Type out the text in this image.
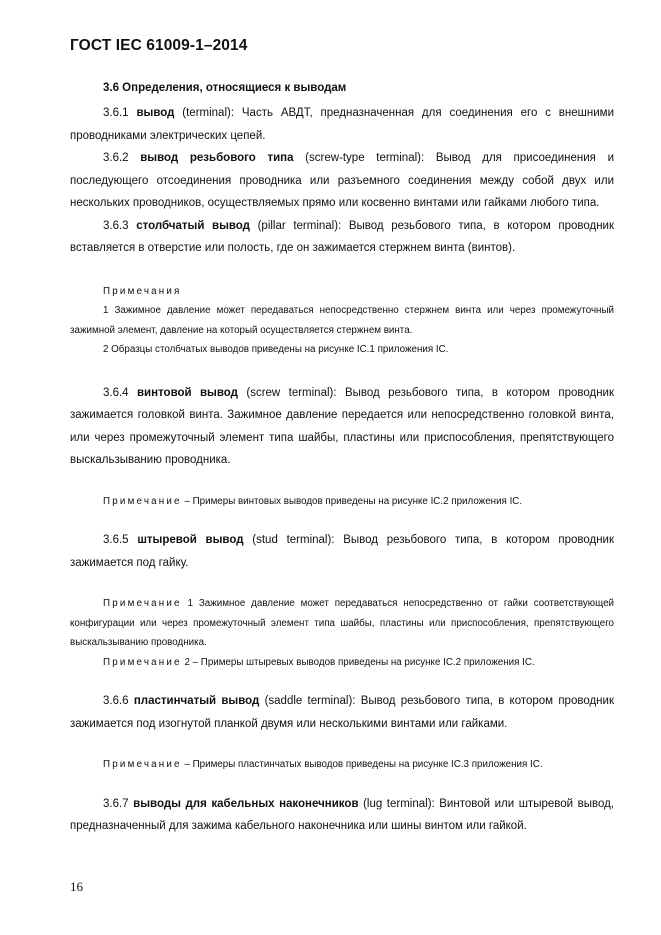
ГОСТ IEC 61009-1–2014

3.6 Определения, относящиеся к выводам

3.6.1 вывод (terminal): Часть АВДТ, предназначенная для соединения его с внешними проводниками электрических цепей.

3.6.2 вывод резьбового типа (screw-type terminal): Вывод для присоединения и последующего отсоединения проводника или разъемного соединения между собой двух или нескольких проводников, осуществляемых прямо или косвенно винтами или гайками любого типа.

3.6.3 столбчатый вывод (pillar terminal): Вывод резьбового типа, в котором проводник вставляется в отверстие или полость, где он зажимается стержнем винта (винтов).

Примечания

1 Зажимное давление может передаваться непосредственно стержнем винта или через промежуточный зажимной элемент, давление на который осуществляется стержнем винта.

2 Образцы столбчатых выводов приведены на рисунке IC.1 приложения IC.

3.6.4 винтовой вывод (screw terminal): Вывод резьбового типа, в котором проводник зажимается головкой винта. Зажимное давление передается или непосредственно головкой винта, или через промежуточный элемент типа шайбы, пластины или приспособления, препятствующего выскальзыванию проводника.

Примечание – Примеры винтовых выводов приведены на рисунке IC.2 приложения IC.

3.6.5 штыревой вывод (stud terminal): Вывод резьбового типа, в котором проводник зажимается под гайку.

Примечание 1 Зажимное давление может передаваться непосредственно от гайки соответствующей конфигурации или через промежуточный элемент типа шайбы, пластины или приспособления, препятствующего выскальзыванию проводника.

Примечание 2 – Примеры штыревых выводов приведены на рисунке IC.2 приложения IC.

3.6.6 пластинчатый вывод (saddle terminal): Вывод резьбового типа, в котором проводник зажимается под изогнутой планкой двумя или несколькими винтами или гайками.

Примечание – Примеры пластинчатых выводов приведены на рисунке IC.3 приложения IC.

3.6.7 выводы для кабельных наконечников (lug terminal): Винтовой или штыревой вывод, предназначенный для зажима кабельного наконечника или шины винтом или гайкой.

16
